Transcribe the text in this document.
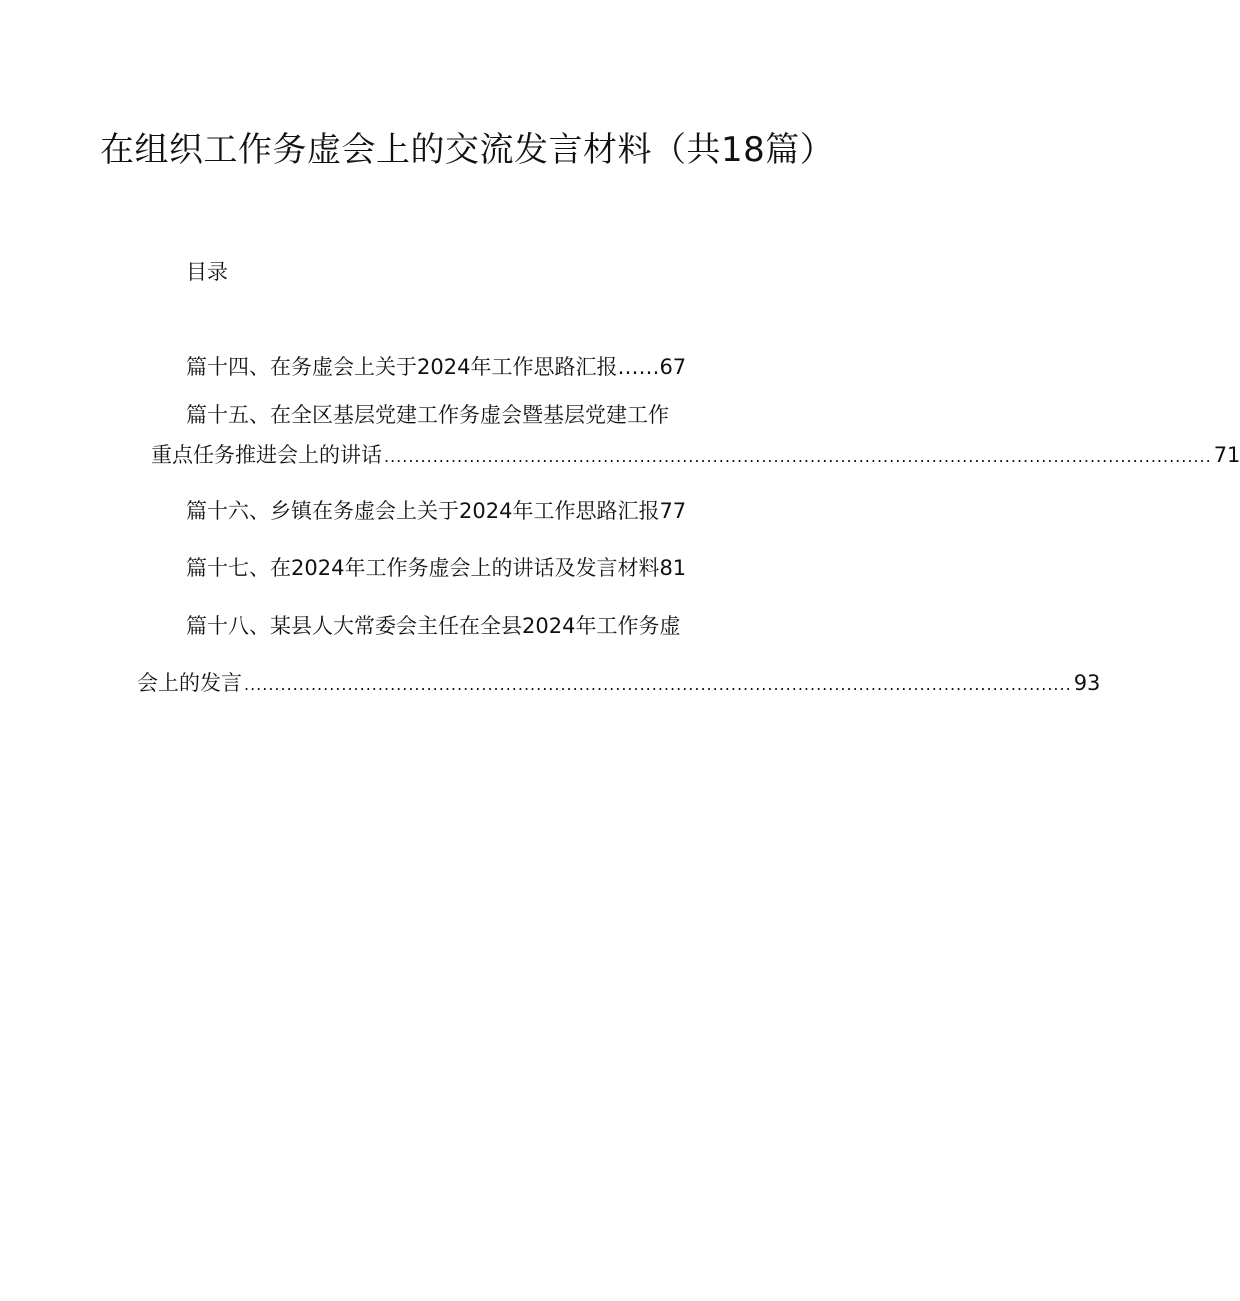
在组织工作务虚会上的交流发言材料（共18篇）
目录
篇十四、在务虚会上关于2024年工作思路汇报……67
篇十五、在全区基层党建工作务虚会暨基层党建工作
重点任务推进会上的讲话 ........................................................................................................................................ 71
篇十六、乡镇在务虚会上关于2024年工作思路汇报77
篇十七、在2024年工作务虚会上的讲话及发言材料81
篇十八、某县人大常委会主任在全县2024年工作务虚
会上的发言 ........................................................................................................................................ 93
